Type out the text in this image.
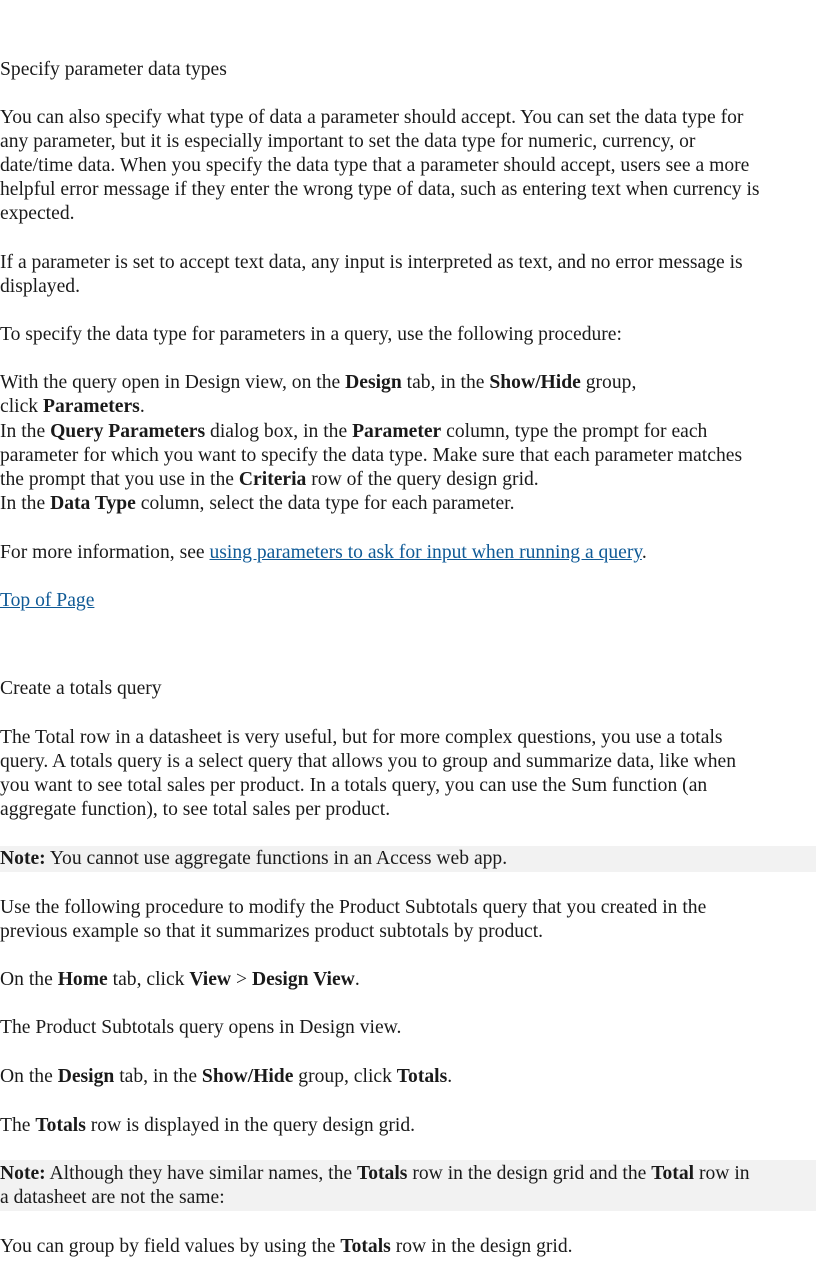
Specify parameter data types
You can also specify what type of data a parameter should accept. You can set the data type for
any parameter, but it is especially important to set the data type for numeric, currency, or
date/time data. When you specify the data type that a parameter should accept, users see a more
helpful error message if they enter the wrong type of data, such as entering text when currency is
expected.
If a parameter is set to accept text data, any input is interpreted as text, and no error message is
displayed.
To specify the data type for parameters in a query, use the following procedure:
With the query open in Design view, on the Design tab, in the Show/Hide group,
click Parameters.
In the Query Parameters dialog box, in the Parameter column, type the prompt for each
parameter for which you want to specify the data type. Make sure that each parameter matches
the prompt that you use in the Criteria row of the query design grid.
In the Data Type column, select the data type for each parameter.
For more information, see using parameters to ask for input when running a query.
Top of Page
Create a totals query
The Total row in a datasheet is very useful, but for more complex questions, you use a totals
query. A totals query is a select query that allows you to group and summarize data, like when
you want to see total sales per product. In a totals query, you can use the Sum function (an
aggregate function), to see total sales per product.
Note: You cannot use aggregate functions in an Access web app.
Use the following procedure to modify the Product Subtotals query that you created in the
previous example so that it summarizes product subtotals by product.
On the Home tab, click View > Design View.
The Product Subtotals query opens in Design view.
On the Design tab, in the Show/Hide group, click Totals.
The Totals row is displayed in the query design grid.
Note: Although they have similar names, the Totals row in the design grid and the Total row in
a datasheet are not the same:
You can group by field values by using the Totals row in the design grid.
